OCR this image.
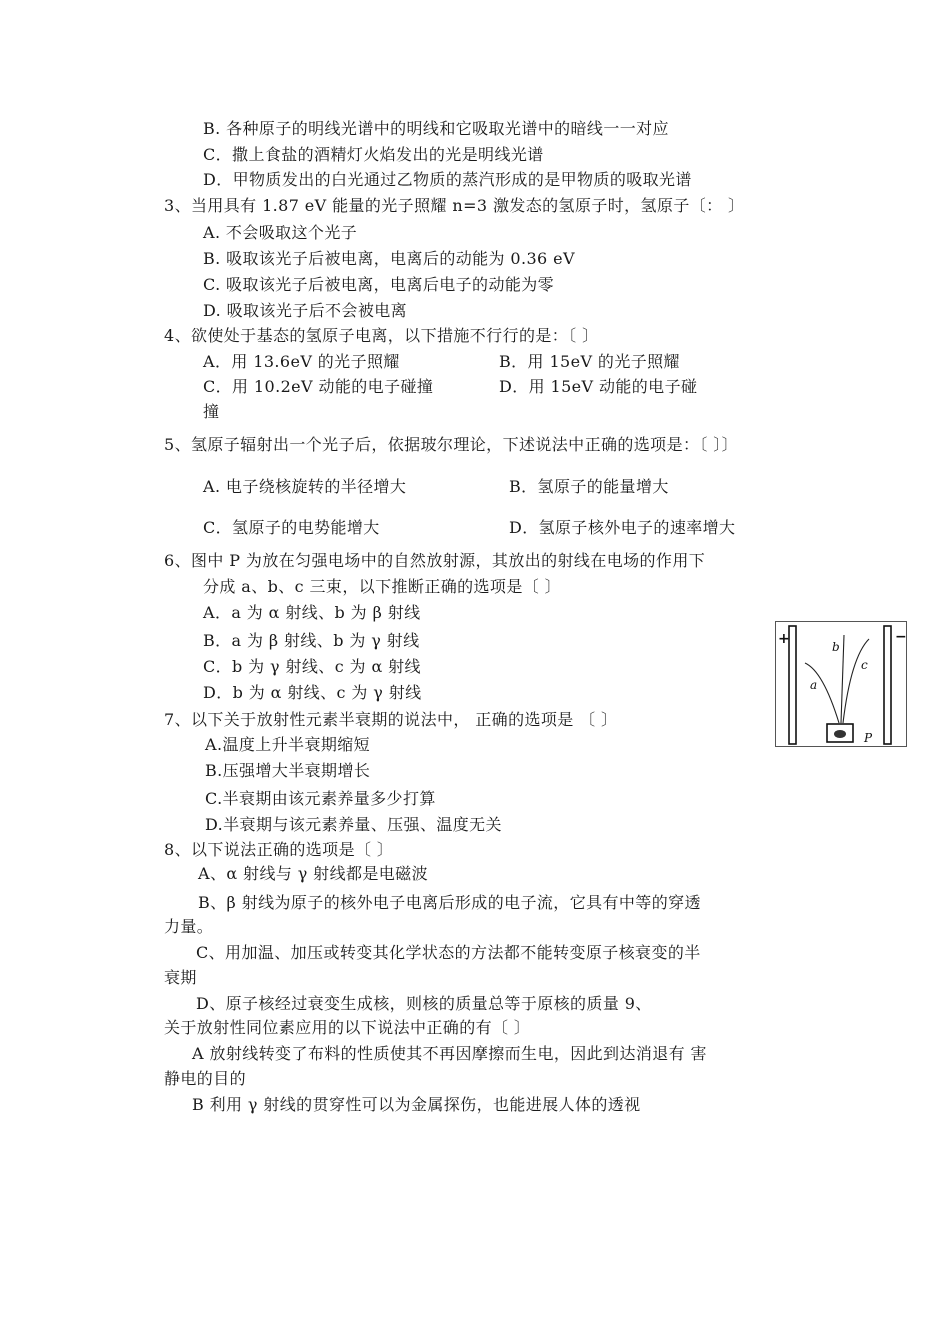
B. 各种原子的明线光谱中的明线和它吸取光谱中的暗线一一对应
C．撒上食盐的酒精灯火焰发出的光是明线光谱
D．甲物质发出的白光通过乙物质的蒸汽形成的是甲物质的吸取光谱
3、当用具有 1.87 eV 能量的光子照耀 n=3 激发态的氢原子时，氢原子〔： 〕
A. 不会吸取这个光子
B. 吸取该光子后被电离，电离后的动能为 0.36 eV
C. 吸取该光子后被电离，电离后电子的动能为零
D. 吸取该光子后不会被电离
4、欲使处于基态的氢原子电离，以下措施不行行的是：〔 〕
A．用 13.6eV 的光子照耀	B．用 15eV 的光子照耀
C．用 10.2eV 动能的电子碰撞	D．用 15eV 动能的电子碰
撞
5、氢原子辐射出一个光子后，依据玻尔理论，下述说法中正确的选项是：〔 〕〕
A. 电子绕核旋转的半径增大	B．氢原子的能量增大
C．氢原子的电势能增大	D．氢原子核外电子的速率增大
6、图中 P 为放在匀强电场中的自然放射源，其放出的射线在电场的作用下
分成 a、b、c 三束，以下推断正确的选项是〔 〕
A．a 为 α 射线、b 为 β 射线
B．a 为 β 射线、b 为 γ 射线
C．b 为 γ 射线、c 为 α 射线
D．b 为 α 射线、c 为 γ 射线
+	−
a
b
c
P
7、以下关于放射性元素半衰期的说法中， 正确的选项是 〔 〕
A.温度上升半衰期缩短
B.压强增大半衰期增长
C.半衰期由该元素养量多少打算
D.半衰期与该元素养量、压强、温度无关
8、以下说法正确的选项是〔 〕
A、α 射线与 γ 射线都是电磁波
B、β 射线为原子的核外电子电离后形成的电子流，它具有中等的穿透
力量。
C、用加温、加压或转变其化学状态的方法都不能转变原子核衰变的半
衰期
D、原子核经过衰变生成核，则核的质量总等于原核的质量 9、
关于放射性同位素应用的以下说法中正确的有〔 〕
A 放射线转变了布料的性质使其不再因摩擦而生电，因此到达消退有 害
静电的目的
B 利用 γ 射线的贯穿性可以为金属探伤，也能进展人体的透视
